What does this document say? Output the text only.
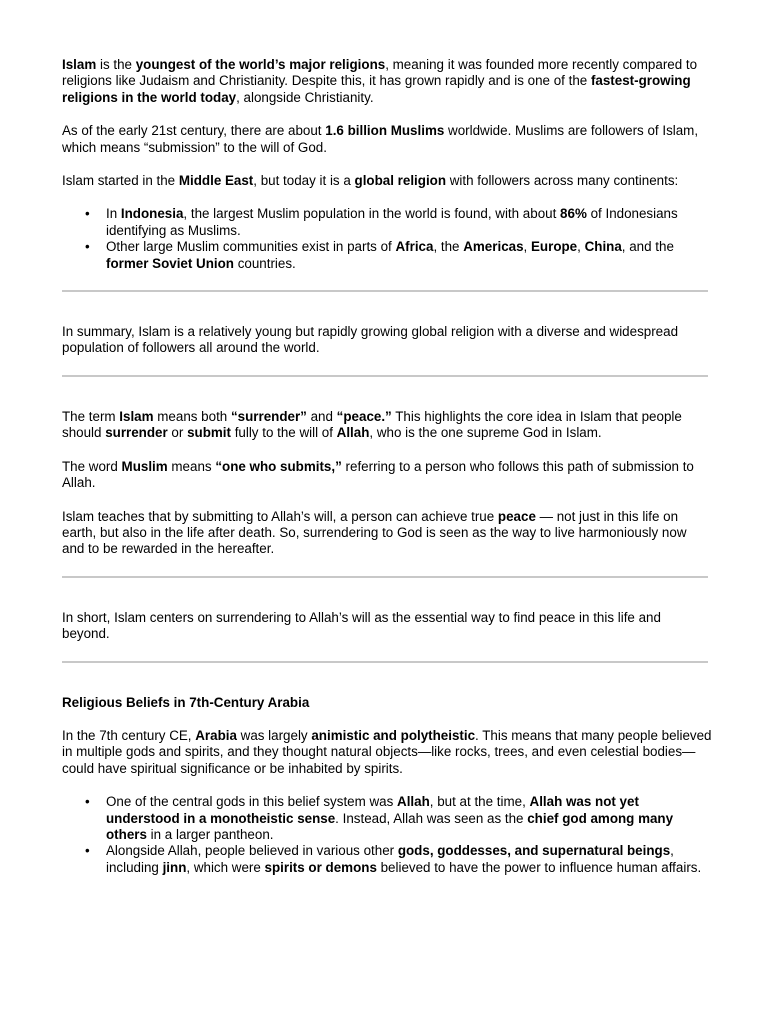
Islam is the youngest of the world’s major religions, meaning it was founded more recently compared to religions like Judaism and Christianity. Despite this, it has grown rapidly and is one of the fastest-growing religions in the world today, alongside Christianity.

As of the early 21st century, there are about 1.6 billion Muslims worldwide. Muslims are followers of Islam, which means “submission” to the will of God.

Islam started in the Middle East, but today it is a global religion with followers across many continents:

• In Indonesia, the largest Muslim population in the world is found, with about 86% of Indonesians identifying as Muslims.
• Other large Muslim communities exist in parts of Africa, the Americas, Europe, China, and the former Soviet Union countries.

In summary, Islam is a relatively young but rapidly growing global religion with a diverse and widespread population of followers all around the world.

The term Islam means both “surrender” and “peace.” This highlights the core idea in Islam that people should surrender or submit fully to the will of Allah, who is the one supreme God in Islam.

The word Muslim means “one who submits,” referring to a person who follows this path of submission to Allah.

Islam teaches that by submitting to Allah’s will, a person can achieve true peace — not just in this life on earth, but also in the life after death. So, surrendering to God is seen as the way to live harmoniously now and to be rewarded in the hereafter.

In short, Islam centers on surrendering to Allah’s will as the essential way to find peace in this life and beyond.

Religious Beliefs in 7th-Century Arabia

In the 7th century CE, Arabia was largely animistic and polytheistic. This means that many people believed in multiple gods and spirits, and they thought natural objects—like rocks, trees, and even celestial bodies—could have spiritual significance or be inhabited by spirits.

• One of the central gods in this belief system was Allah, but at the time, Allah was not yet understood in a monotheistic sense. Instead, Allah was seen as the chief god among many others in a larger pantheon.
• Alongside Allah, people believed in various other gods, goddesses, and supernatural beings, including jinn, which were spirits or demons believed to have the power to influence human affairs.
